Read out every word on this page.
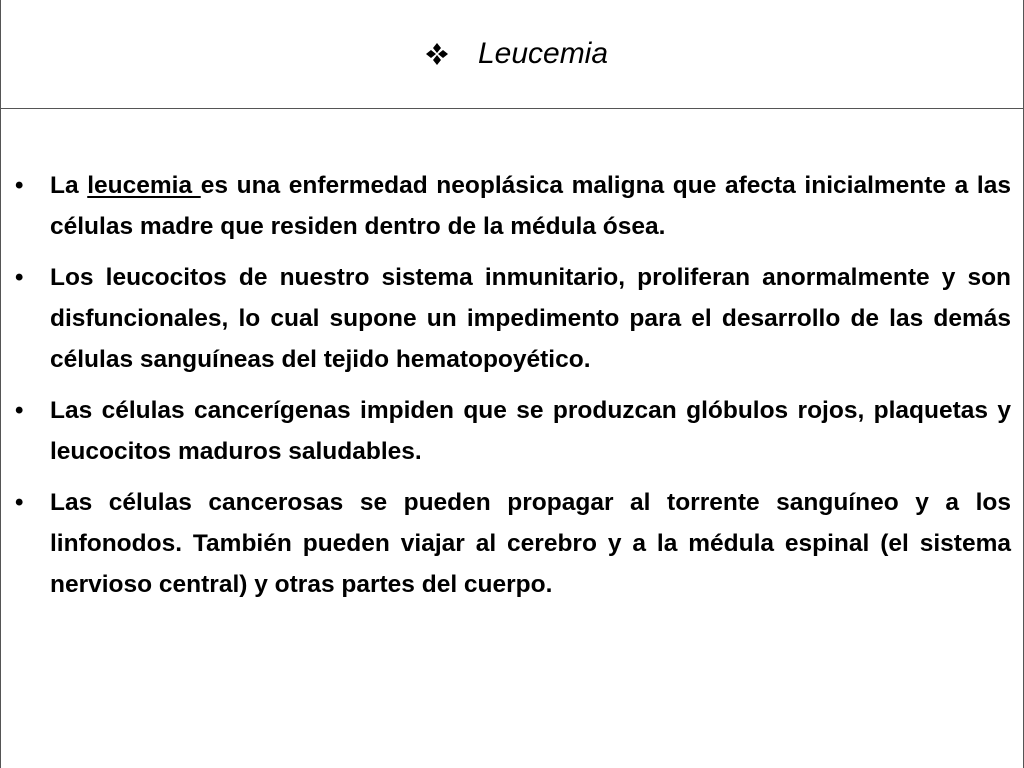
Leucemia
• La leucemia es una enfermedad neoplásica maligna que afecta inicialmente a las células madre que residen dentro de la médula ósea.
• Los leucocitos de nuestro sistema inmunitario, proliferan anormalmente y son disfuncionales, lo cual supone un impedimento para el desarrollo de las demás células sanguíneas del tejido hematopoyético.
• Las células cancerígenas impiden que se produzcan glóbulos rojos, plaquetas y leucocitos maduros saludables.
• Las células cancerosas se pueden propagar al torrente sanguíneo y a los linfonodos. También pueden viajar al cerebro y a la médula espinal (el sistema nervioso central) y otras partes del cuerpo.
